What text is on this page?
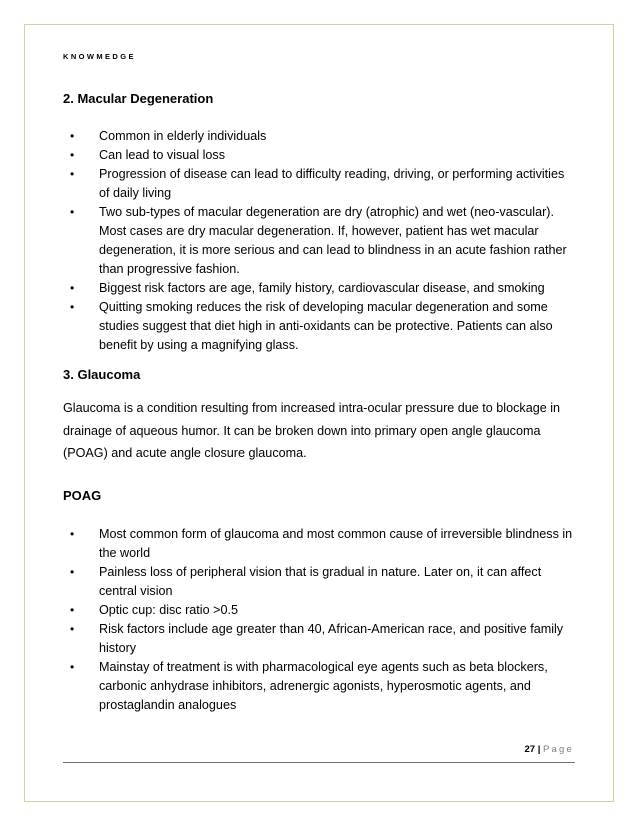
KNOWMEDGE
2. Macular Degeneration
• Common in elderly individuals
• Can lead to visual loss
• Progression of disease can lead to difficulty reading, driving, or performing activities
of daily living
• Two sub-types of macular degeneration are dry (atrophic) and wet (neo-vascular).
Most cases are dry macular degeneration. If, however, patient has wet macular
degeneration, it is more serious and can lead to blindness in an acute fashion rather
than progressive fashion.
• Biggest risk factors are age, family history, cardiovascular disease, and smoking
• Quitting smoking reduces the risk of developing macular degeneration and some
studies suggest that diet high in anti-oxidants can be protective. Patients can also
benefit by using a magnifying glass.
3. Glaucoma

Glaucoma is a condition resulting from increased intra-ocular pressure due to blockage in
drainage of aqueous humor. It can be broken down into primary open angle glaucoma
(POAG) and acute angle closure glaucoma.

POAG
• Most common form of glaucoma and most common cause of irreversible blindness in
the world
• Painless loss of peripheral vision that is gradual in nature. Later on, it can affect
central vision
• Optic cup: disc ratio >0.5
• Risk factors include age greater than 40, African-American race, and positive family
history
• Mainstay of treatment is with pharmacological eye agents such as beta blockers,
carbonic anhydrase inhibitors, adrenergic agonists, hyperosmotic agents, and
prostaglandin analogues
27 | Page
